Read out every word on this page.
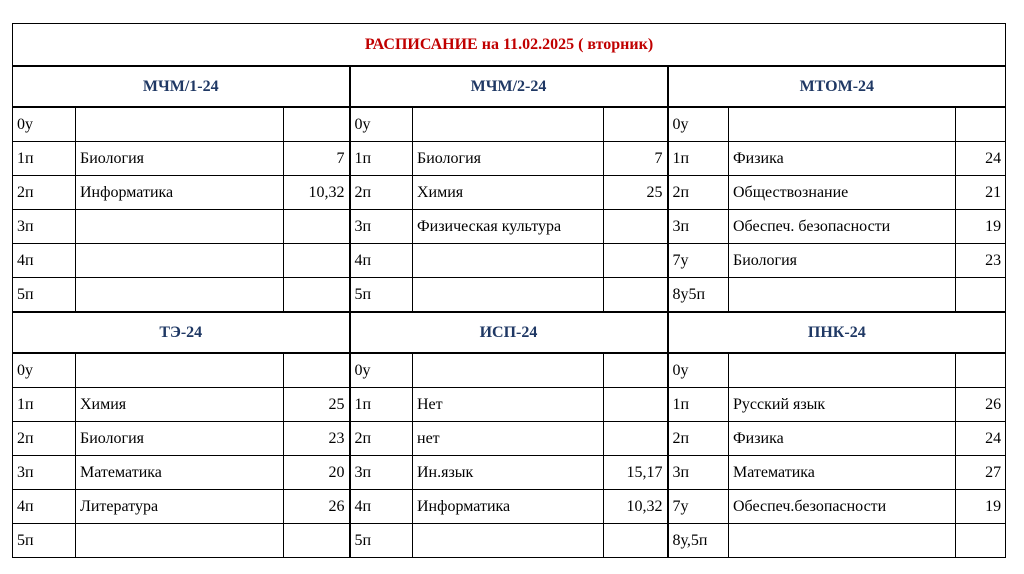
РАСПИСАНИЕ на 11.02.2025 ( вторник)								
МЧМ/1-24			МЧМ/2-24			МТОМ-24		
0у			0у			0у		
1п	Биология	7	1п	Биология	7	1п	Физика	24
2п	Информатика	10,32	2п	Химия	25	2п	Обществознание	21
3п			3п	Физическая культура		3п	Обеспеч. безопасности	19
4п			4п			7у	Биология	23
5п			5п			8у5п		
ТЭ-24			ИСП-24			ПНК-24		
0у			0у			0у		
1п	Химия	25	1п	Нет		1п	Русский язык	26
2п	Биология	23	2п	нет		2п	Физика	24
3п	Математика	20	3п	Ин.язык	15,17	3п	Математика	27
4п	Литература	26	4п	Информатика	10,32	7у	Обеспеч.безопасности	19
5п			5п			8у,5п		
